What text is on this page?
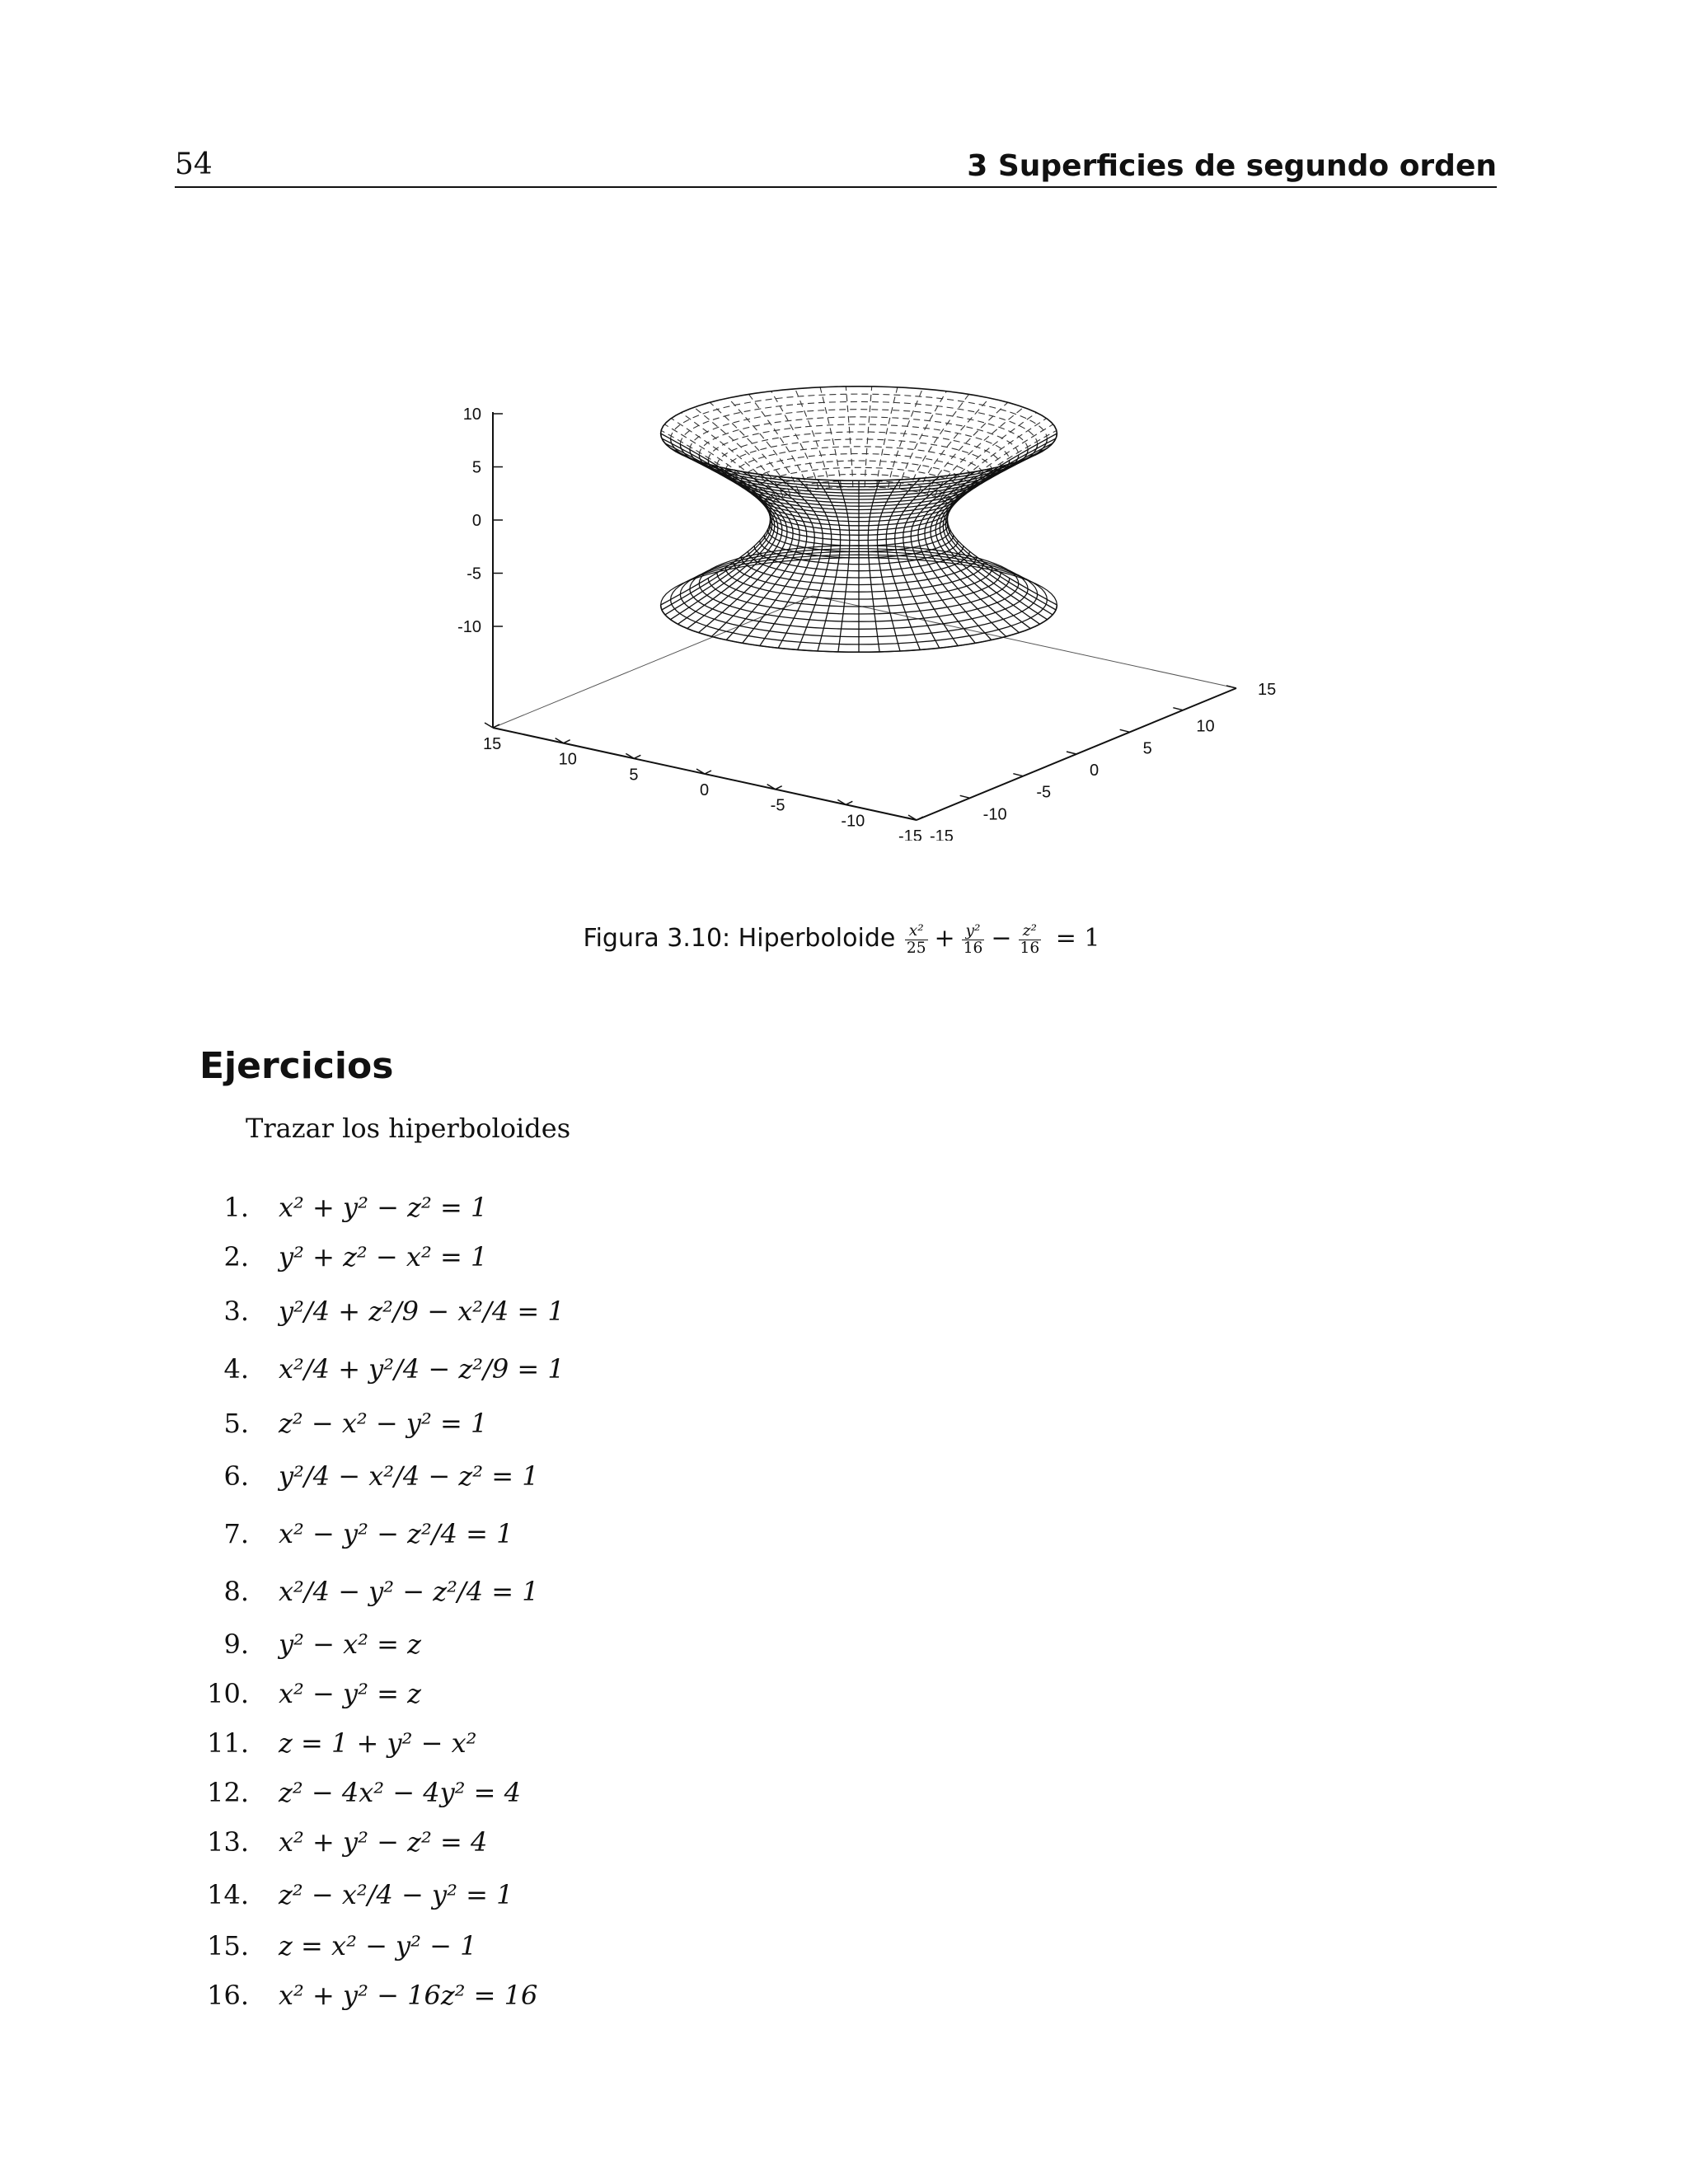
54	3 Superficies de segundo orden
15
10
5
0
-5
-10
-15 -15
-10
-5
0
5
10
15
10
5
0
-5
-10
Figura 3.10: Hiperboloide $\frac{\text{x²}}{25} + \frac{\text{y²}}{16} - \frac{\text{z²}}{16} = 1$
Ejercicios
Trazar los hiperboloides
1. x² + y² − z² = 1
2. y² + z² − x² = 1
3. y²/4 + z²/9 − x²/4 = 1
4. x²/4 + y²/4 − z²/9 = 1
5. z² − x² − y² = 1
6. y²/4 − x²/4 − z² = 1
7. x² − y² − z²/4 = 1
8. x²/4 − y² − z²/4 = 1
9. y² − x² = z
10. x² − y² = z
11. z = 1 + y² − x²
12. z² − 4x² − 4y² = 4
13. x² + y² − z² = 4
14. z² − x²/4 − y² = 1
15. z = x² − y² − 1
16. x² + y² − 16z² = 16
